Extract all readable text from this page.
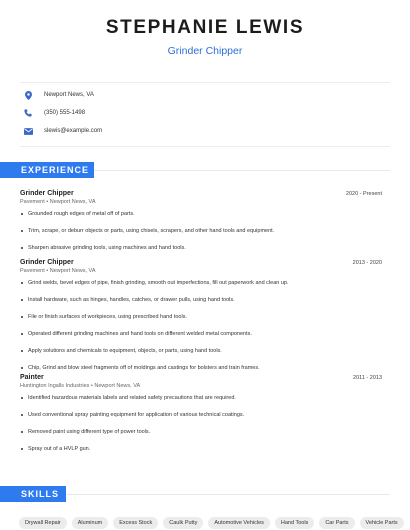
STEPHANIE LEWIS
Grinder Chipper
Newport News, VA
(350) 555-1498
slewis@example.com
EXPERIENCE
Grinder Chipper	2020 - Present
Pavement • Newport News, VA
Grounded rough edges of metal off of parts.
Trim, scrape, or deburr objects or parts, using chisels, scrapers, and other hand tools and equipment.
Sharpen abrasive grinding tools, using machines and hand tools.
Grinder Chipper	2013 - 2020
Pavement • Newport News, VA
Grind welds, bevel edges of pipe, finish grinding, smooth out imperfections, fill out paperwork and clean up.
Install hardware, such as hinges, handles, catches, or drawer pulls, using hand tools.
File or finish surfaces of workpieces, using prescribed hand tools.
Operated different grinding machines and hand tools on different welded metal components.
Apply solutions and chemicals to equipment, objects, or parts, using hand tools.
Chip, Grind and blow steel fragments off of moldings and castings for bolsters and train frames.
Painter	2011 - 2013
Huntington Ingalls Industries • Newport News, VA
Identified hazardous materials labels and related safety precautions that are required.
Used conventional spray painting equipment for application of various technical coatings.
Removed paint using different type of power tools.
Spray out of a HVLP gun.
SKILLS
Drywall Repair	Aluminum	Excess Stock	Caulk Putty	Automotive Vehicles	Hand Tools	Car Parts	Vehicle Parts
